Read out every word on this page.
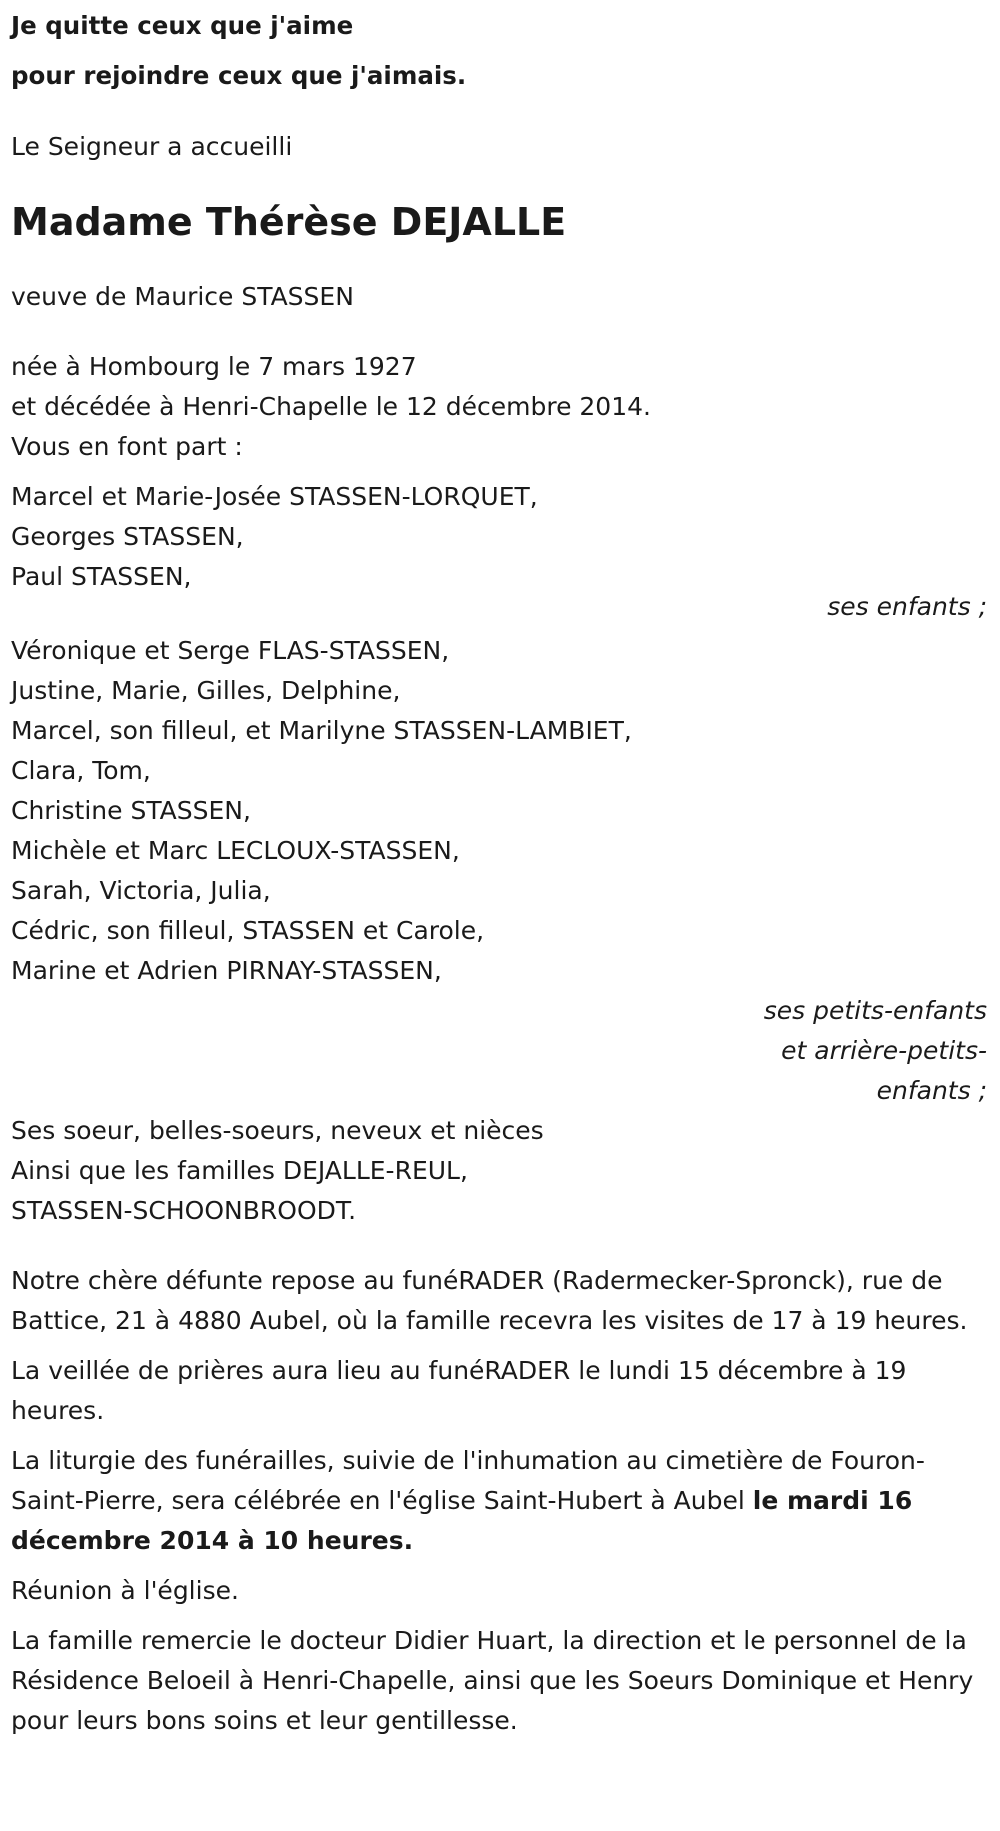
Je quitte ceux que j'aime

pour rejoindre ceux que j'aimais.

Le Seigneur a accueilli

Madame Thérèse DEJALLE

veuve de Maurice STASSEN

née à Hombourg le 7 mars 1927

et décédée à Henri-Chapelle le 12 décembre 2014.

Vous en font part :

Marcel et Marie-Josée STASSEN-LORQUET,

Georges STASSEN,

Paul STASSEN,

ses enfants ;

Véronique et Serge FLAS-STASSEN,

Justine, Marie, Gilles, Delphine,

Marcel, son filleul, et Marilyne STASSEN-LAMBIET,

Clara, Tom,

Christine STASSEN,

Michèle et Marc LECLOUX-STASSEN,

Sarah, Victoria, Julia,

Cédric, son filleul, STASSEN et Carole,

Marine et Adrien PIRNAY-STASSEN,

ses petits-enfants

et arrière-petits-

enfants ;

Ses soeur, belles-soeurs, neveux et nièces

Ainsi que les familles DEJALLE-REUL,

STASSEN-SCHOONBROODT.

Notre chère défunte repose au funéRADER (Radermecker-Spronck), rue de Battice, 21 à 4880 Aubel, où la famille recevra les visites de 17 à 19 heures.

La veillée de prières aura lieu au funéRADER le lundi 15 décembre à 19 heures.

La liturgie des funérailles, suivie de l'inhumation au cimetière de Fouron-Saint-Pierre, sera célébrée en l'église Saint-Hubert à Aubel le mardi 16 décembre 2014 à 10 heures.

Réunion à l'église.

La famille remercie le docteur Didier Huart, la direction et le personnel de la Résidence Beloeil à Henri-Chapelle, ainsi que les Soeurs Dominique et Henry pour leurs bons soins et leur gentillesse.
